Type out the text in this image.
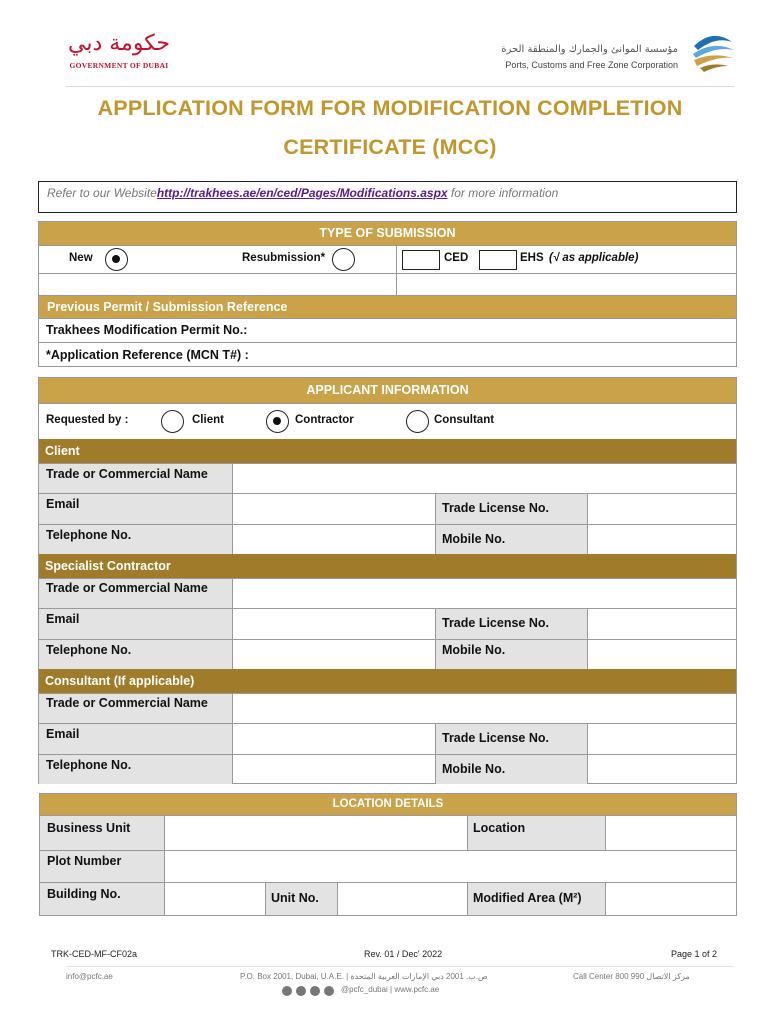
حكومة دبي
GOVERNMENT OF DUBAI
مؤسسة الموانئ والجمارك والمنطقة الحرة
Ports, Customs and Free Zone Corporation
APPLICATION FORM FOR MODIFICATION COMPLETION
CERTIFICATE (MCC)
Refer to our Websitehttp://trakhees.ae/en/ced/Pages/Modifications.aspx for more information
TYPE OF SUBMISSION
New	Resubmission*	CED	EHS (√ as applicable)
Previous Permit / Submission Reference
Trakhees Modification Permit No.:
*Application Reference (MCN T#) :
APPLICANT INFORMATION
Requested by :	Client	Contractor	Consultant
Client
Trade or Commercial Name
Email	Trade License No.
Telephone No.	Mobile No.
Specialist Contractor
Trade or Commercial Name
Email	Trade License No.
Telephone No.	Mobile No.
Consultant (If applicable)
Trade or Commercial Name
Email	Trade License No.
Telephone No.	Mobile No.
LOCATION DETAILS
Business Unit	Location
Plot Number
Building No.	Unit No.	Modified Area (M²)
TRK-CED-MF-CF02a	Rev. 01 / Dec' 2022	Page 1 of 2
info@pcfc.ae	P.O. Box 2001, Dubai, U.A.E. | ص.ب. 2001 دبي الإمارات العربية المتحدة	Call Center 800 990 مركز الاتصال
@pcfc_dubai | www.pcfc.ae
